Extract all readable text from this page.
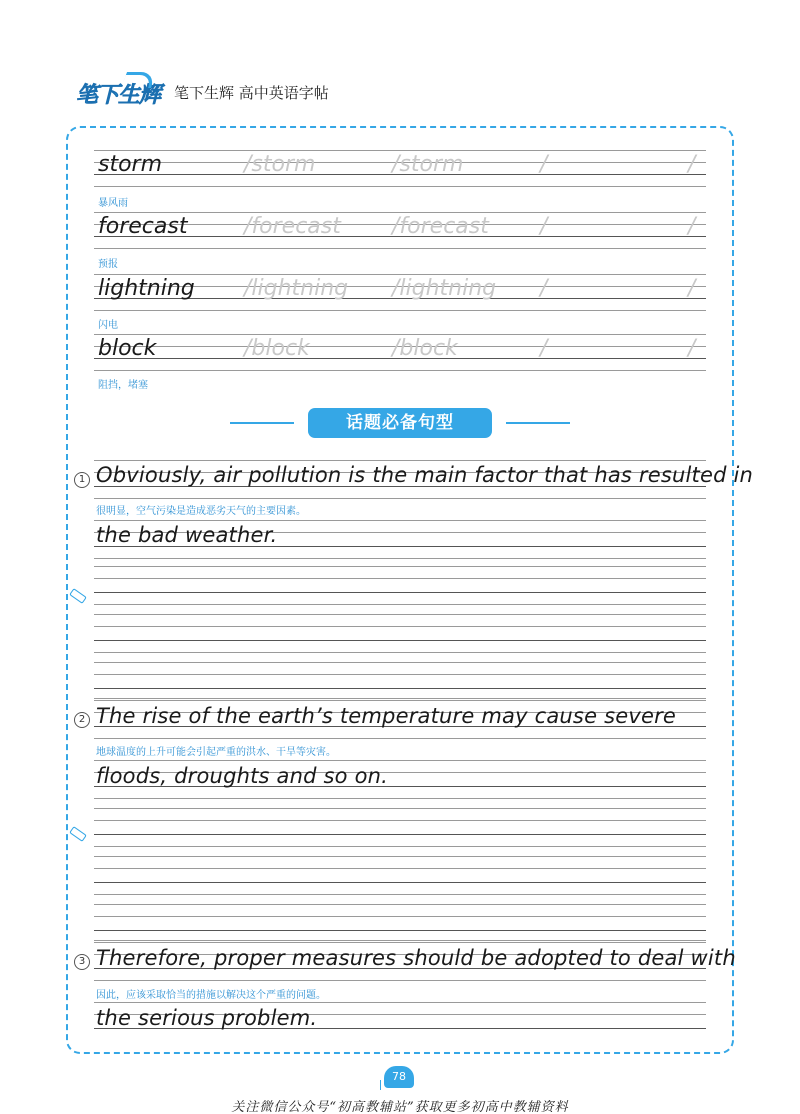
笔下生辉 笔下生辉 高中英语字帖
storm	/storm	/storm	/	/
暴风雨
forecast	/forecast /forecast /	/
预报
lightning /lightning /lightning /	/
闪电
block	/block	/block	/	/
阻挡，堵塞
话题必备句型
1 Obviously, air pollution is the main factor that has resulted in
很明显，空气污染是造成恶劣天气的主要因素。
the bad weather.
2 The rise of the earth’s temperature may cause severe
地球温度的上升可能会引起严重的洪水、干旱等灾害。
floods, droughts and so on.
3 Therefore, proper measures should be adopted to deal with
因此，应该采取恰当的措施以解决这个严重的问题。
the serious problem.
78
关注微信公众号“初高教辅站”获取更多初高中教辅资料
